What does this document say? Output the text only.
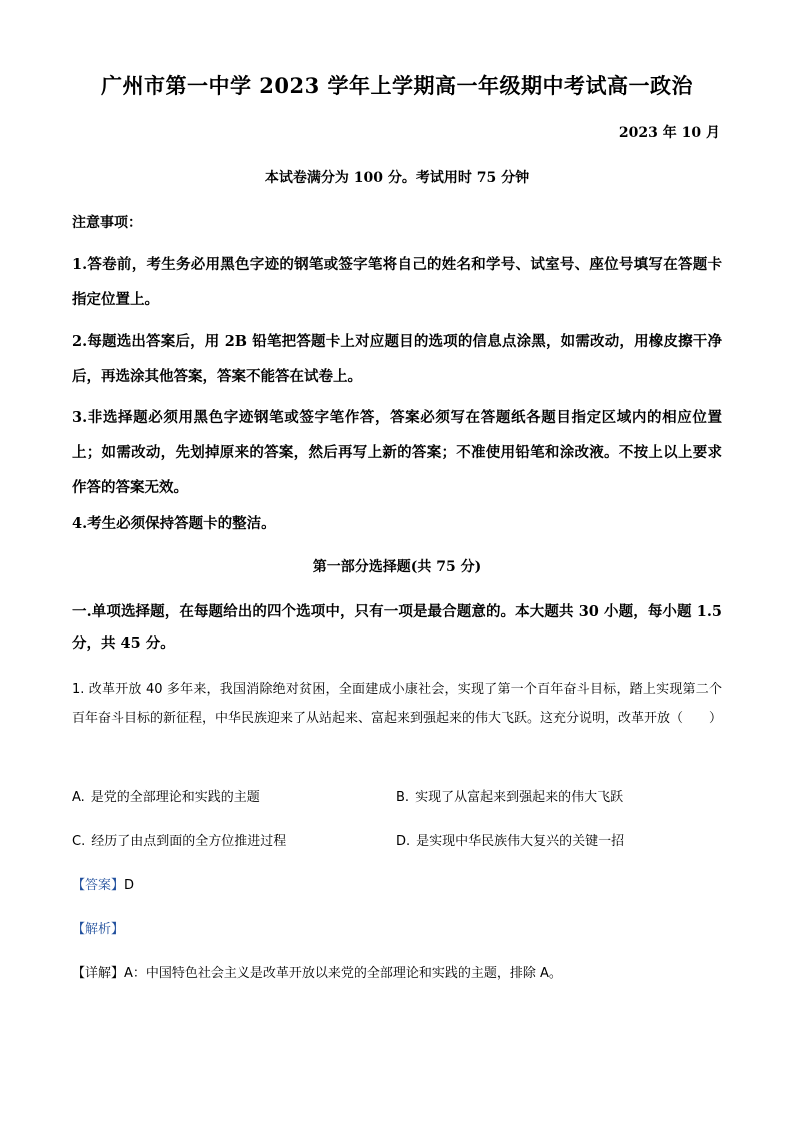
广州市第一中学 2023 学年上学期高一年级期中考试高一政治
2023 年 10 月
本试卷满分为 100 分。考试用时 75 分钟
注意事项：

1.答卷前，考生务必用黑色字迹的钢笔或签字笔将自己的姓名和学号、试室号、座位号填写在答题卡指定位置上。

2.每题选出答案后，用 2B 铅笔把答题卡上对应题目的选项的信息点涂黑，如需改动，用橡皮擦干净后，再选涂其他答案，答案不能答在试卷上。

3.非选择题必须用黑色字迹钢笔或签字笔作答，答案必须写在答题纸各题目指定区域内的相应位置上；如需改动，先划掉原来的答案，然后再写上新的答案；不准使用铅笔和涂改液。不按上以上要求作答的答案无效。

4.考生必须保持答题卡的整洁。

第一部分选择题(共 75 分)

一.单项选择题，在每题给出的四个选项中，只有一项是最合题意的。本大题共 30 小题，每小题 1.5 分，共 45 分。

1. 改革开放 40 多年来，我国消除绝对贫困，全面建成小康社会，实现了第一个百年奋斗目标，踏上实现第二个百年奋斗目标的新征程，中华民族迎来了从站起来、富起来到强起来的伟大飞跃。这充分说明，改革开放（　　）

A. 是党的全部理论和实践的主题	B. 实现了从富起来到强起来的伟大飞跃
C. 经历了由点到面的全方位推进过程	D. 是实现中华民族伟大复兴的关键一招
【答案】D
【解析】
【详解】A：中国特色社会主义是改革开放以来党的全部理论和实践的主题，排除 A。
